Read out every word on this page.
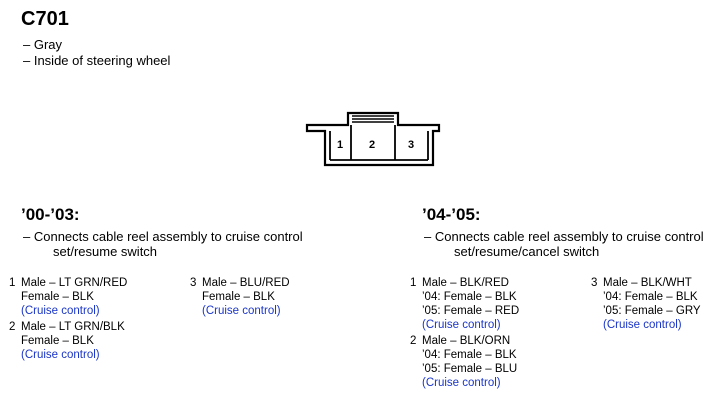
C701
– Gray
– Inside of steering wheel
1 2	3
’00-’03:
– Connects cable reel assembly to cruise control
set/resume switch
1 Male – LT GRN/RED
Female – BLK
(Cruise control)
2 Male – LT GRN/BLK
Female – BLK
(Cruise control)
3 Male – BLU/RED
Female – BLK
(Cruise control)
’04-’05:
– Connects cable reel assembly to cruise control
set/resume/cancel switch
1 Male – BLK/RED
’04: Female – BLK
’05: Female – RED
(Cruise control)
2 Male – BLK/ORN
’04: Female – BLK
’05: Female – BLU
(Cruise control)
3 Male – BLK/WHT
’04: Female – BLK
’05: Female – GRY
(Cruise control)
